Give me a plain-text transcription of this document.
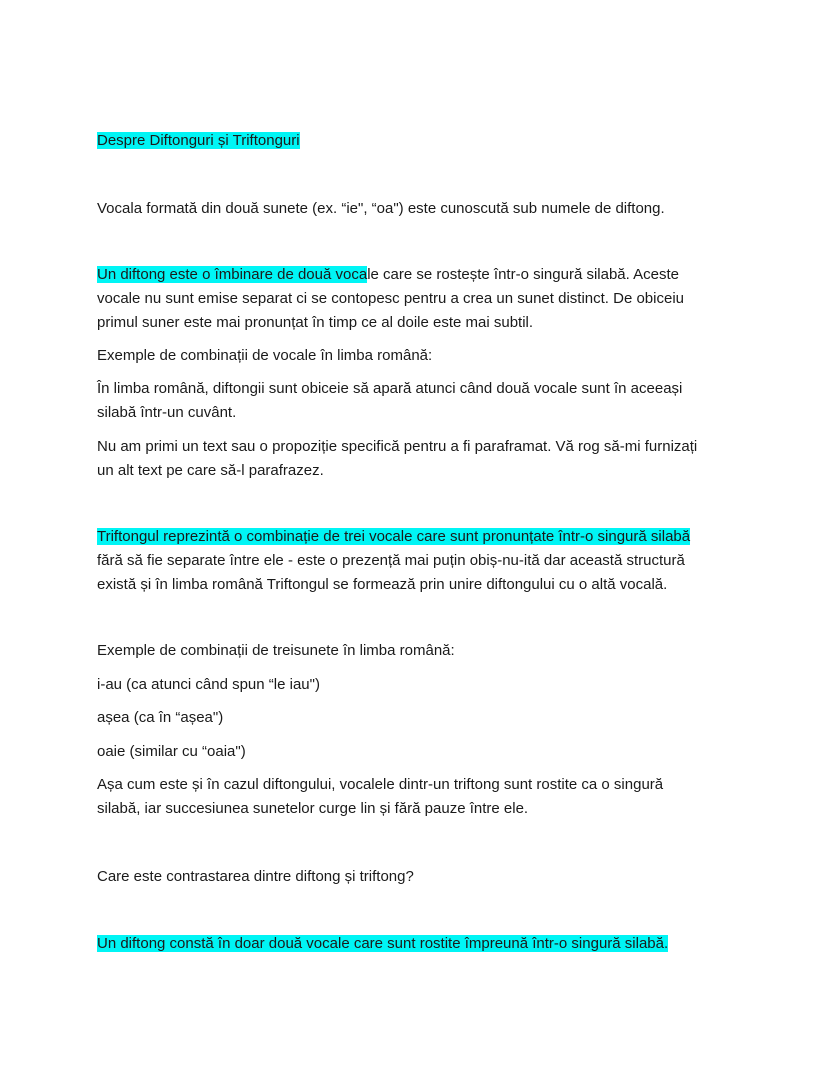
Despre Diftonguri și Triftonguri
Vocala formată din două sunete (ex. “ie", “oa") este cunoscută sub numele de diftong.
Un diftong este o îmbinare de două vocale care se rostește într-o singură silabă. Aceste
vocale nu sunt emise separat ci se contopesc pentru a crea un sunet distinct. De obiceiu
primul suner este mai pronunțat în timp ce al doile este mai subtil.
Exemple de combinații de vocale în limba română:
În limba română, diftongii sunt obiceie să apară atunci când două vocale sunt în aceeași
silabă într-un cuvânt.
Nu am primi un text sau o propoziție specifică pentru a fi paraframat. Vă rog să-mi furnizați
un alt text pe care să-l parafrazez.
Triftongul reprezintă o combinație de trei vocale care sunt pronunțate într-o singură silabă
fără să fie separate între ele - este o prezență mai puțin obiș-nu-ită dar această structură
există și în limba română Triftongul se formează prin unire diftongului cu o altă vocală.
Exemple de combinații de treisunete în limba română:
i-au (ca atunci când spun “le iau")
așea (ca în “așea")
oaie (similar cu “oaia")
Așa cum este și în cazul diftongului, vocalele dintr-un triftong sunt rostite ca o singură
silabă, iar succesiunea sunetelor curge lin și fără pauze între ele.
Care este contrastarea dintre diftong și triftong?
Un diftong constă în doar două vocale care sunt rostite împreună într-o singură silabă.
